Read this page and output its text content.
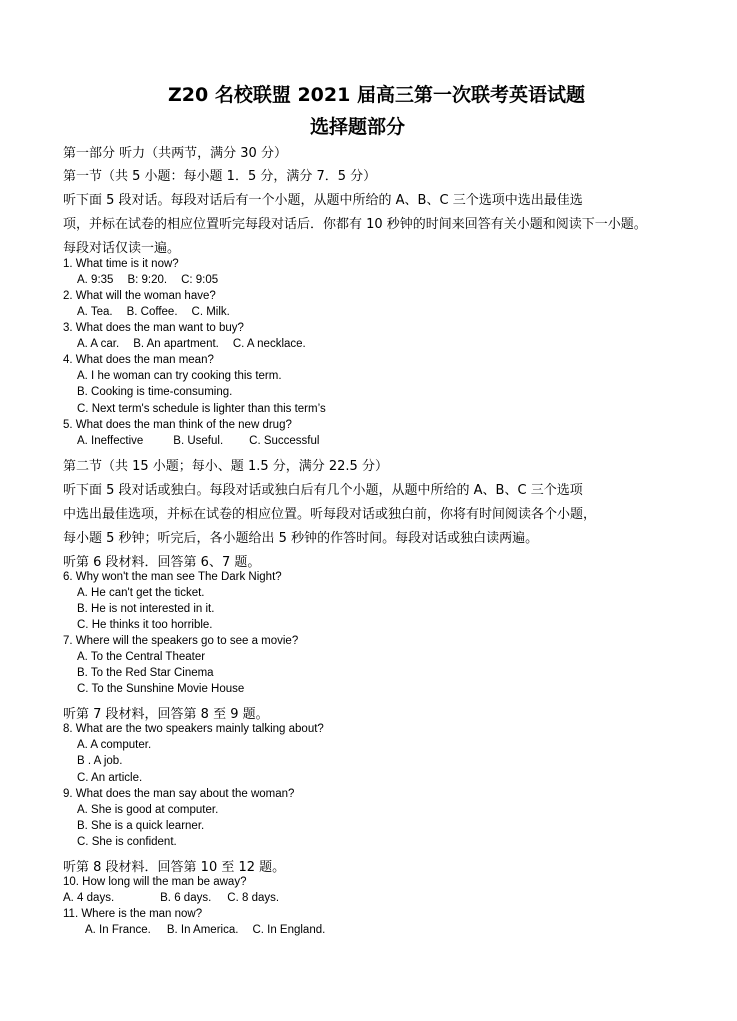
Z20 名校联盟 2021 届高三第一次联考英语试题
选择题部分
第一部分 听力（共两节，满分 30 分）
第一节（共 5 小题：每小题 1．5 分，满分 7．5 分）
听下面 5 段对话。每段对话后有一个小题，从题中所给的 A、B、C 三个选项中选出最佳选
项，并标在试卷的相应位置听完每段对话后．你都有 10 秒钟的时间来回答有关小题和阅读下一小题。
每段对话仅读一遍。
1. What time is it now?
A. 9:35 B: 9:20. C: 9:05
2. What will the woman have?
A. Tea. B. Coffee. C. Milk.
3. What does the man want to buy?
A. A car. B. An apartment. C. A necklace.
4. What does the man mean?
A. I he woman can try cooking this term.
B. Cooking is time-consuming.
C. Next term's schedule is lighter than this term’s
5. What does the man think of the new drug?
A. Ineffective	B. Useful. C. Successful
第二节（共 15 小题；每小、题 1.5 分，满分 22.5 分）
听下面 5 段对话或独白。每段对话或独白后有几个小题，从题中所给的 A、B、C 三个选项
中选出最佳选项，并标在试卷的相应位置。听每段对话或独白前，你将有时间阅读各个小题，
每小题 5 秒钟；听完后，各小题给出 5 秒钟的作答时间。每段对话或独白读两遍。
听第 6 段材料．回答第 6、7 题。
6. Why won't the man see The Dark Night?
A. He can't get the ticket.
B. He is not interested in it.
C. He thinks it too horrible.
7. Where will the speakers go to see a movie?
A. To the Central Theater
B. To the Red Star Cinema
C. To the Sunshine Movie House
听第 7 段材料，回答第 8 至 9 题。
8. What are the two speakers mainly talking about?
A. A computer.
B . A job.
C. An article.
9. What does the man say about the woman?
A. She is good at computer.
B. She is a quick learner.
C. She is confident.
听第 8 段材料．回答第 10 至 12 题。
10. How long will the man be away?
A. 4 days.	B. 6 days. C. 8 days.
11. Where is the man now?
A. In France. B. In America. C. In England.
